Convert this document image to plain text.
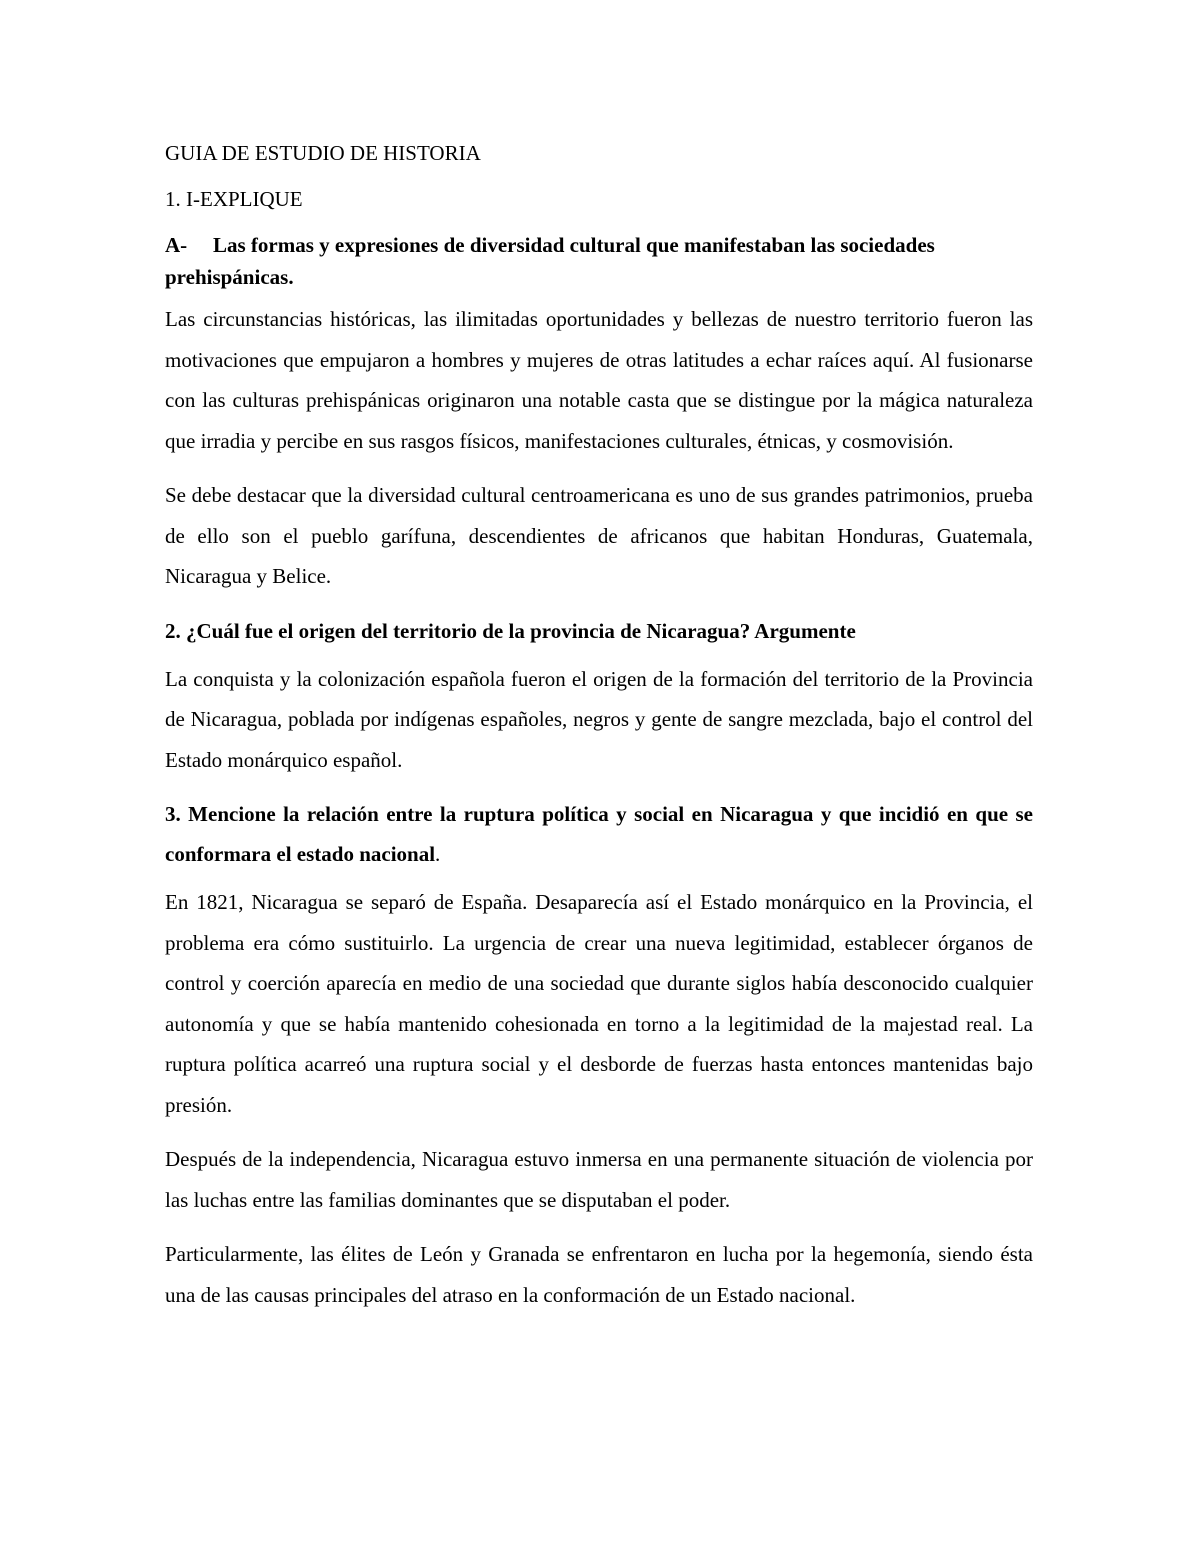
GUIA DE ESTUDIO DE HISTORIA

1. I-EXPLIQUE

A- Las formas y expresiones de diversidad cultural que manifestaban las sociedades prehispánicas.

Las circunstancias históricas, las ilimitadas oportunidades y bellezas de nuestro territorio fueron las motivaciones que empujaron a hombres y mujeres de otras latitudes a echar raíces aquí. Al fusionarse con las culturas prehispánicas originaron una notable casta que se distingue por la mágica naturaleza que irradia y percibe en sus rasgos físicos, manifestaciones culturales, étnicas, y cosmovisión.

Se debe destacar que la diversidad cultural centroamericana es uno de sus grandes patrimonios, prueba de ello son el pueblo garífuna, descendientes de africanos que habitan Honduras, Guatemala, Nicaragua y Belice.

2. ¿Cuál fue el origen del territorio de la provincia de Nicaragua? Argumente

La conquista y la colonización española fueron el origen de la formación del territorio de la Provincia de Nicaragua, poblada por indígenas españoles, negros y gente de sangre mezclada, bajo el control del Estado monárquico español.

3. Mencione la relación entre la ruptura política y social en Nicaragua y que incidió en que se conformara el estado nacional.

En 1821, Nicaragua se separó de España. Desaparecía así el Estado monárquico en la Provincia, el problema era cómo sustituirlo. La urgencia de crear una nueva legitimidad, establecer órganos de control y coerción aparecía en medio de una sociedad que durante siglos había desconocido cualquier autonomía y que se había mantenido cohesionada en torno a la legitimidad de la majestad real. La ruptura política acarreó una ruptura social y el desborde de fuerzas hasta entonces mantenidas bajo presión.

Después de la independencia, Nicaragua estuvo inmersa en una permanente situación de violencia por las luchas entre las familias dominantes que se disputaban el poder.

Particularmente, las élites de León y Granada se enfrentaron en lucha por la hegemonía, siendo ésta una de las causas principales del atraso en la conformación de un Estado nacional.
